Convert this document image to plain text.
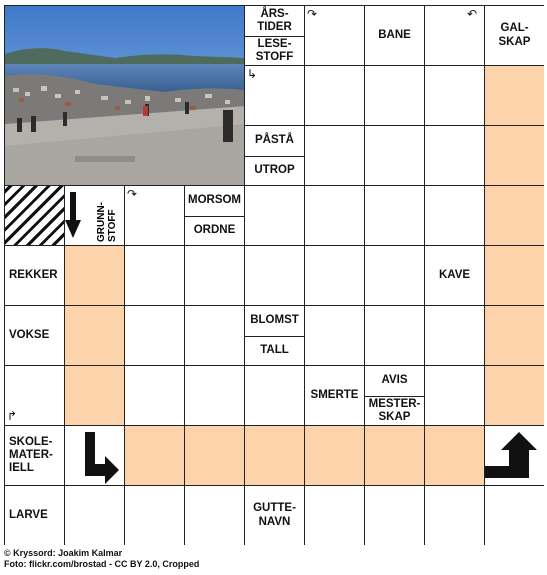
ÅRS-
TIDER
LESE-
STOFF
↷
BANE
↶
GAL-
SKAP
↳
PÅSTÅ
UTROP
GRUNN- STOFF
↷	MORSOM
ORDNE
REKKER	KAVE
VOKSE
BLOMST
TALL
↱
SMERTE
AVIS
MESTER-
SKAP
SKOLE-
MATER-
IELL
LARVE
GUTTE-
NAVN
© Kryssord: Joakim Kalmar
Foto: flickr.com/brostad - CC BY 2.0, Cropped
